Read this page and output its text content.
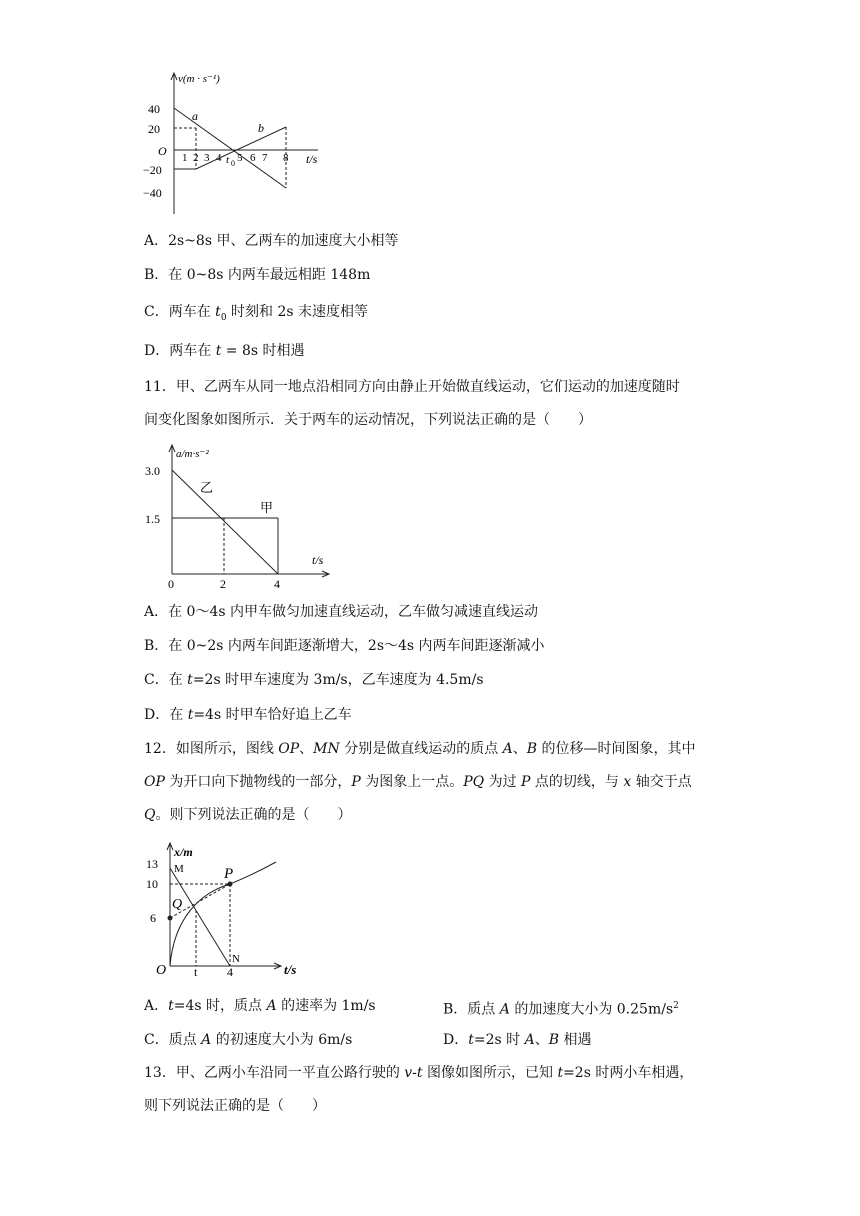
v(m · s⁻¹)
40
20
O
−20
−40
1 2 3 4 5 6 7 8
t 0	t/s
a
b
A．2s~8s 甲、乙两车的加速度大小相等
B．在 0~8s 内两车最远相距 148m
C．两车在 $t_0$ 时刻和 2s 末速度相等
D．两车在 t = 8s 时相遇
11．甲、乙两车从同一地点沿相同方向由静止开始做直线运动，它们运动的加速度随时
间变化图象如图所示．关于两车的运动情况，下列说法正确的是（　　）
a/m·s⁻²
3.0
1.5
0	2	4
t/s
乙
甲
A．在 0～4s 内甲车做匀加速直线运动，乙车做匀减速直线运动
B．在 0~2s 内两车间距逐渐增大，2s～4s 内两车间距逐渐减小
C．在 t=2s 时甲车速度为 3m/s，乙车速度为 4.5m/s
D．在 t=4s 时甲车恰好追上乙车
12．如图所示，图线 OP、MN 分别是做直线运动的质点 A、B 的位移—时间图象，其中
OP 为开口向下抛物线的一部分，P 为图象上一点。PQ 为过 P 点的切线，与 x 轴交于点
Q。则下列说法正确的是（　　）
13
10
6
x/m
O t 4	t/s
M	P
Q
N
A．t=4s 时，质点 A 的速率为 1m/s	B．质点 A 的加速度大小为 $0.25m/s^2$
C．质点 A 的初速度大小为 6m/s	D．t=2s 时 A、B 相遇
13．甲、乙两小车沿同一平直公路行驶的 v-t 图像如图所示，已知 t=2s 时两小车相遇，
则下列说法正确的是（　　）
